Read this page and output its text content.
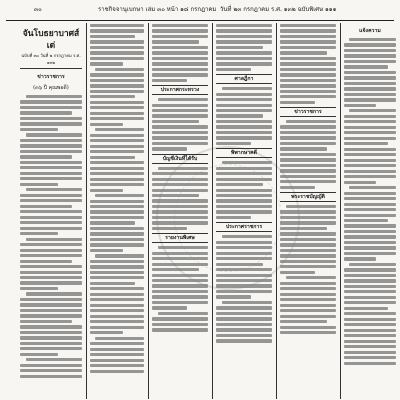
๓๐	ราชกิจจานุเบกษา เล่ม ๓๐ หน้า ๑๘ กรกฎาคม วันที่ ๒๓ กรกฎาคม ร.ศ. ๑๓๒ ฉบับพิเศษ ๑๑๑
จันโบธยาบาศส์เด่
ฉบับที่ ๓๐ วันที่ ๒ กรกฎาคม ร.ศ. ๑๓๒
ข่าวราชการ
(๓๖ ปี คุณพอดี)	ประกาศกระทรวง
บัญชีเงินที่ได้รับ
รายงานพิเศษ
ศาลฎีกา
พิพากษาคดี
ประกาศราชการ
ข่าวราชการ
พระราชบัญญัติ
แจ้งความ
